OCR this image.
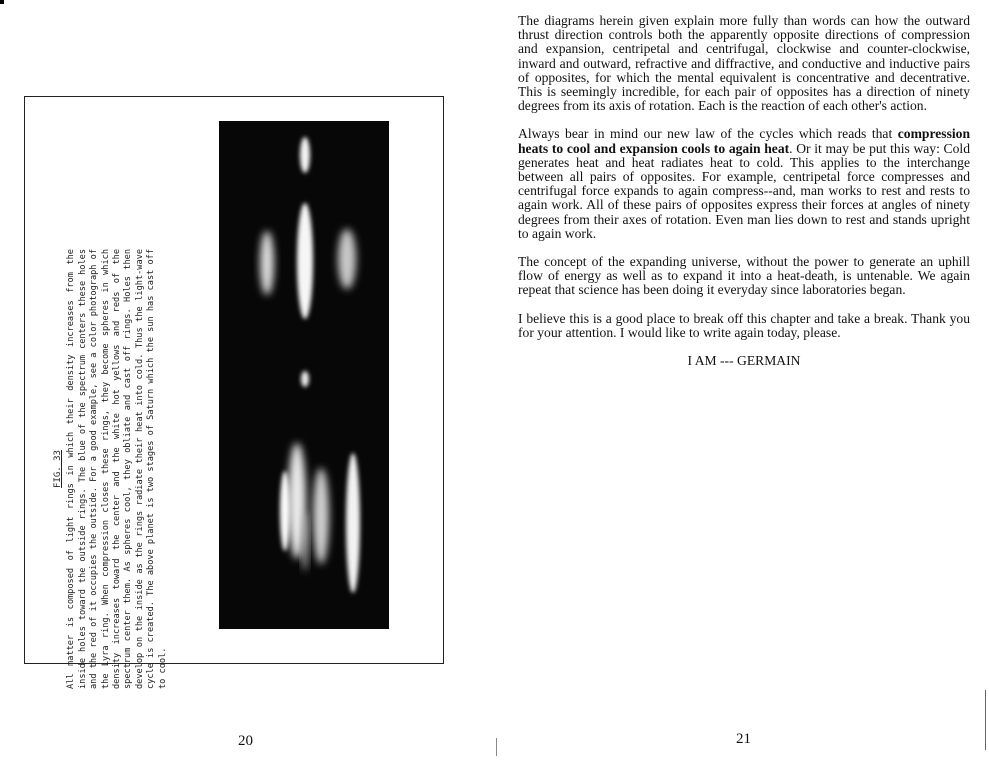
FIG. 33 All matter is composed of light rings in which their density increases from the inside holes toward the outside rings. The blue of the spectrum centers these holes and the red of it occupies the outside. For a good example, see a color photograph of the Lyra ring. When compression closes these rings, they become spheres in which density increases toward the center and the white hot yellows and reds of the spectrum center them. As spheres cool, they obliate and cast off rings. Holes then develop on the inside as the rings radiate their heat into cold. Thus the light-wave cycle is created. The above planet is two stages of Saturn which the sun has cast off to cool.
20

The diagrams herein given explain more fully than words can how the outward thrust direction controls both the apparently opposite directions of compression and expansion, centripetal and centrifugal, clockwise and counter-clockwise, inward and outward, refractive and diffractive, and conductive and inductive pairs of opposites, for which the mental equivalent is concentrative and decentrative. This is seemingly incredible, for each pair of opposites has a direction of ninety degrees from its axis of rotation. Each is the reaction of each other's action.

Always bear in mind our new law of the cycles which reads that compression heats to cool and expansion cools to again heat. Or it may be put this way: Cold generates heat and heat radiates heat to cold. This applies to the interchange between all pairs of opposites. For example, centripetal force compresses and centrifugal force expands to again compress--and, man works to rest and rests to again work. All of these pairs of opposites express their forces at angles of ninety degrees from their axes of rotation. Even man lies down to rest and stands upright to again work.

The concept of the expanding universe, without the power to generate an uphill flow of energy as well as to expand it into a heat-death, is untenable. We again repeat that science has been doing it everyday since laboratories began.

I believe this is a good place to break off this chapter and take a break. Thank you for your attention. I would like to write again today, please.

I AM --- GERMAIN
21
